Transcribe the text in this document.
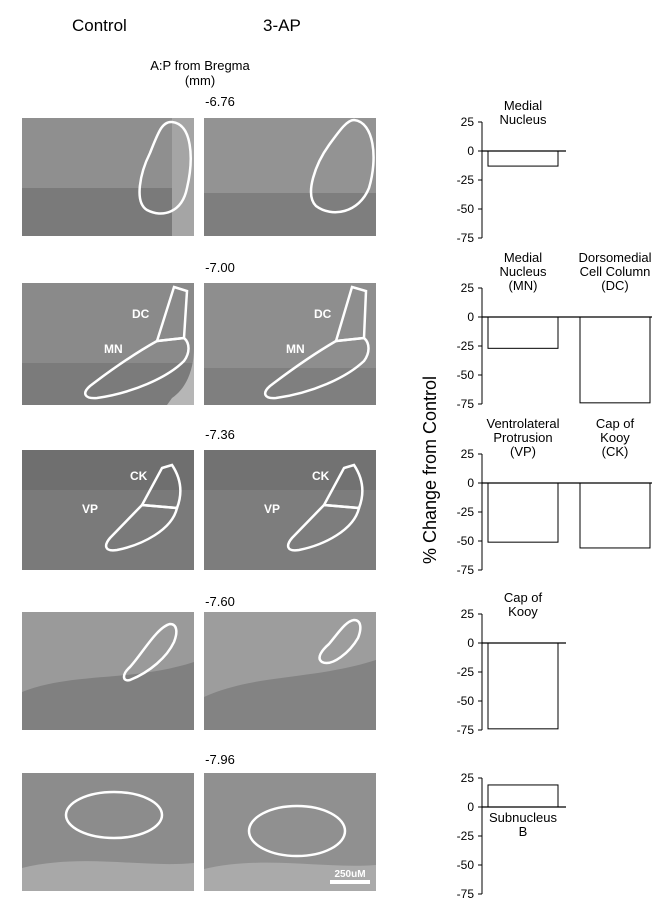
Control	3-AP
A:P from Bregma
(mm)
-6.76
-7.00
-7.36
-7.60
-7.96
DC
MN
DC
MN
CK
VP
CK
VP
250uM
% Change from Control
25
0
-25
-50
-75
Medial
Nucleus
25
0
-25
-50
-75
Medial
Nucleus
(MN)
Dorsomedial
Cell Column
(DC)
25
0
-25
-50
-75
Ventrolateral
Protrusion
(VP)
Cap of
Kooy
(CK)
25
0
-25
-50
-75
Cap of
Kooy
25
0
-25
-50
-75
Subnucleus
B
